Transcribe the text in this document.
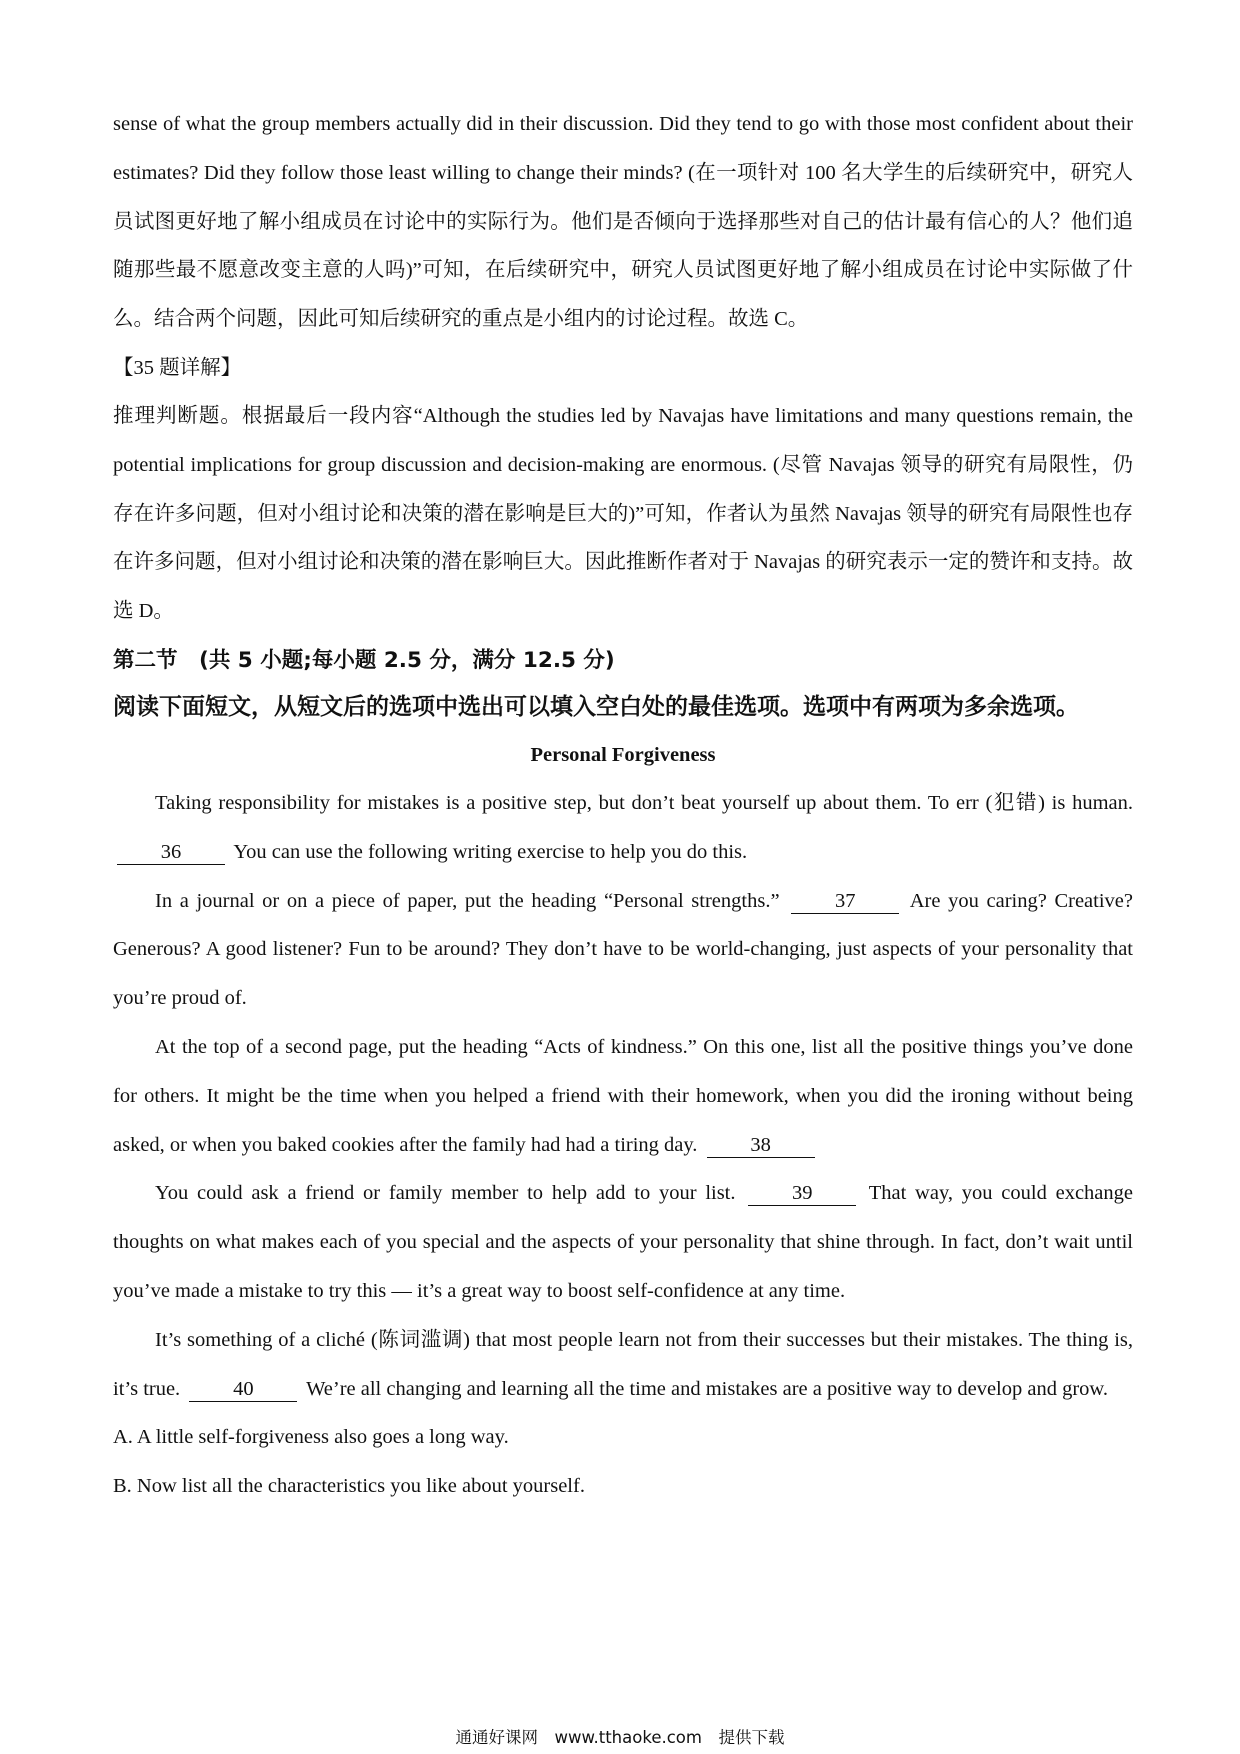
sense of what the group members actually did in their discussion. Did they tend to go with those most confident about their estimates? Did they follow those least willing to change their minds? (在一项针对 100 名大学生的后续研究中，研究人员试图更好地了解小组成员在讨论中的实际行为。他们是否倾向于选择那些对自己的估计最有信心的人？他们追随那些最不愿意改变主意的人吗)”可知，在后续研究中，研究人员试图更好地了解小组成员在讨论中实际做了什么。结合两个问题，因此可知后续研究的重点是小组内的讨论过程。故选 C。

【35 题详解】

推理判断题。根据最后一段内容“Although the studies led by Navajas have limitations and many questions remain, the potential implications for group discussion and decision-making are enormous. (尽管 Navajas 领导的研究有局限性，仍存在许多问题，但对小组讨论和决策的潜在影响是巨大的)”可知，作者认为虽然 Navajas 领导的研究有局限性也存在许多问题，但对小组讨论和决策的潜在影响巨大。因此推断作者对于 Navajas 的研究表示一定的赞许和支持。故选 D。

第二节　(共 5 小题;每小题 2.5 分，满分 12.5 分)

阅读下面短文，从短文后的选项中选出可以填入空白处的最佳选项。选项中有两项为多余选项。

Personal Forgiveness

Taking responsibility for mistakes is a positive step, but don’t beat yourself up about them. To err (犯错) is human. 36	You can use the following writing exercise to help you do this.

In a journal or on a piece of paper, put the heading “Personal strengths.”	37	Are you caring? Creative? Generous? A good listener? Fun to be around? They don’t have to be world-changing, just aspects of your personality that you’re proud of.

At the top of a second page, put the heading “Acts of kindness.” On this one, list all the positive things you’ve done for others. It might be the time when you helped a friend with their homework, when you did the ironing without being asked, or when you baked cookies after the family had had a tiring day.	38

You could ask a friend or family member to help add to your list.	39	That way, you could exchange thoughts on what makes each of you special and the aspects of your personality that shine through. In fact, don’t wait until you’ve made a mistake to try this — it’s a great way to boost self-confidence at any time.

It’s something of a cliché (陈词滥调) that most people learn not from their successes but their mistakes. The thing is, it’s true.	40	We’re all changing and learning all the time and mistakes are a positive way to develop and grow.

A. A little self-forgiveness also goes a long way.

B. Now list all the characteristics you like about yourself.

通通好课网　www.tthaoke.com　提供下载
